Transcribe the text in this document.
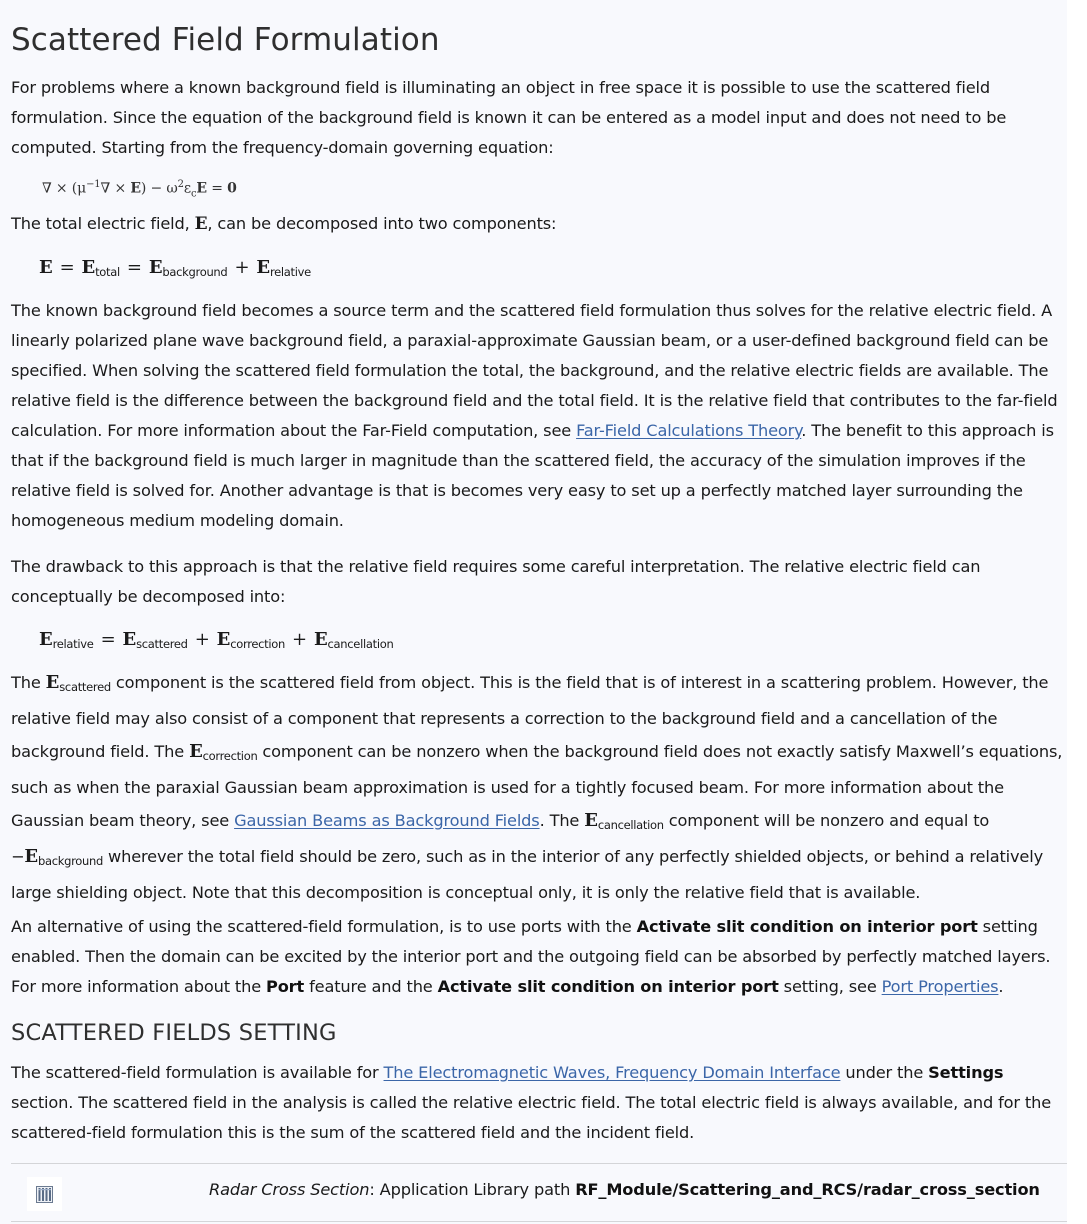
Scattered Field Formulation

For problems where a known background field is illuminating an object in free space it is possible to use the scattered field formulation. Since the equation of the background field is known it can be entered as a model input and does not need to be computed. Starting from the frequency-domain governing equation:

∇ × $(\mu^{-1}\nabla \times E) - \omega^2\varepsilon_cE = 0$

The total electric field, E, can be decomposed into two components:

$E = E_{total} = E_{background} + E_{relative}$

The known background field becomes a source term and the scattered field formulation thus solves for the relative electric field. A linearly polarized plane wave background field, a paraxial-approximate Gaussian beam, or a user-defined background field can be specified. When solving the scattered field formulation the total, the background, and the relative electric fields are available. The relative field is the difference between the background field and the total field. It is the relative field that contributes to the far-field calculation. For more information about the Far-Field computation, see Far-Field Calculations Theory. The benefit to this approach is that if the background field is much larger in magnitude than the scattered field, the accuracy of the simulation improves if the relative field is solved for. Another advantage is that is becomes very easy to set up a perfectly matched layer surrounding the homogeneous medium modeling domain.

The drawback to this approach is that the relative field requires some careful interpretation. The relative electric field can conceptually be decomposed into:

$E_{relative} = E_{scattered} + E_{correction} + E_{cancellation}$

The $E_{scattered}$ component is the scattered field from object. This is the field that is of interest in a scattering problem. However, the relative field may also consist of a component that represents a correction to the background field and a cancellation of the background field. The $E_{correction}$ component can be nonzero when the background field does not exactly satisfy Maxwell’s equations, such as when the paraxial Gaussian beam approximation is used for a tightly focused beam. For more information about the Gaussian beam theory, see Gaussian Beams as Background Fields. The $E_{cancellation}$ component will be nonzero and equal to $-E_{background}$ wherever the total field should be zero, such as in the interior of any perfectly shielded objects, or behind a relatively large shielding object. Note that this decomposition is conceptual only, it is only the relative field that is available.

An alternative of using the scattered-field formulation, is to use ports with the Activate slit condition on interior port setting enabled. Then the domain can be excited by the interior port and the outgoing field can be absorbed by perfectly matched layers. For more information about the Port feature and the Activate slit condition on interior port setting, see Port Properties.

SCATTERED FIELDS SETTING

The scattered-field formulation is available for The Electromagnetic Waves, Frequency Domain Interface under the Settings section. The scattered field in the analysis is called the relative electric field. The total electric field is always available, and for the scattered-field formulation this is the sum of the scattered field and the incident field.

Radar Cross Section: Application Library path RF_Module/Scattering_and_RCS/radar_cross_section
